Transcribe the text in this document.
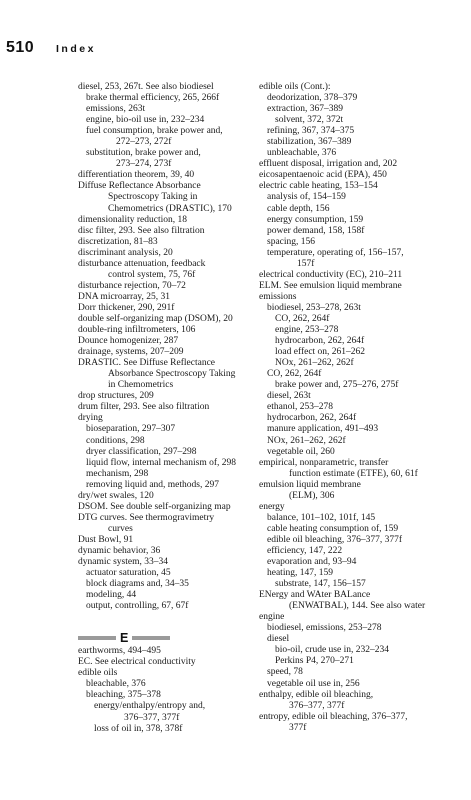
510 Index
diesel, 253, 267t. See also biodiesel
brake thermal efficiency, 265, 266f
emissions, 263t
engine, bio-oil use in, 232–234
fuel consumption, brake power and,
272–273, 272f
substitution, brake power and,
273–274, 273f
differentiation theorem, 39, 40
Diffuse Reflectance Absorbance
Spectroscopy Taking in
Chemometrics (DRASTIC), 170
dimensionality reduction, 18
disc filter, 293. See also filtration
discretization, 81–83
discriminant analysis, 20
disturbance attenuation, feedback
control system, 75, 76f
disturbance rejection, 70–72
DNA microarray, 25, 31
Dorr thickener, 290, 291f
double self-organizing map (DSOM), 20
double-ring infiltrometers, 106
Dounce homogenizer, 287
drainage, systems, 207–209
DRASTIC. See Diffuse Reflectance
Absorbance Spectroscopy Taking
in Chemometrics
drop structures, 209
drum filter, 293. See also filtration
drying
bioseparation, 297–307
conditions, 298
dryer classification, 297–298
liquid flow, internal mechanism of, 298
mechanism, 298
removing liquid and, methods, 297
dry/wet swales, 120
DSOM. See double self-organizing map
DTG curves. See thermogravimetry
curves
Dust Bowl, 91
dynamic behavior, 36
dynamic system, 33–34
actuator saturation, 45
block diagrams and, 34–35
modeling, 44
output, controlling, 67, 67f
E
earthworms, 494–495
EC. See electrical conductivity
edible oils
bleachable, 376
bleaching, 375–378
energy/enthalpy/entropy and,
376–377, 377f
loss of oil in, 378, 378f
edible oils (Cont.):
deodorization, 378–379
extraction, 367–389
solvent, 372, 372t
refining, 367, 374–375
stabilization, 367–389
unbleachable, 376
effluent disposal, irrigation and, 202
eicosapentaenoic acid (EPA), 450
electric cable heating, 153–154
analysis of, 154–159
cable depth, 156
energy consumption, 159
power demand, 158, 158f
spacing, 156
temperature, operating of, 156–157,
157f
electrical conductivity (EC), 210–211
ELM. See emulsion liquid membrane
emissions
biodiesel, 253–278, 263t
CO, 262, 264f
engine, 253–278
hydrocarbon, 262, 264f
load effect on, 261–262
NOx, 261–262, 262f
CO, 262, 264f
brake power and, 275–276, 275f
diesel, 263t
ethanol, 253–278
hydrocarbon, 262, 264f
manure application, 491–493
NOx, 261–262, 262f
vegetable oil, 260
empirical, nonparametric, transfer
function estimate (ETFE), 60, 61f
emulsion liquid membrane
(ELM), 306
energy
balance, 101–102, 101f, 145
cable heating consumption of, 159
edible oil bleaching, 376–377, 377f
efficiency, 147, 222
evaporation and, 93–94
heating, 147, 159
substrate, 147, 156–157
ENergy and WAter BALance
(ENWATBAL), 144. See also water
engine
biodiesel, emissions, 253–278
diesel
bio-oil, crude use in, 232–234
Perkins P4, 270–271
speed, 78
vegetable oil use in, 256
enthalpy, edible oil bleaching,
376–377, 377f
entropy, edible oil bleaching, 376–377,
377f
